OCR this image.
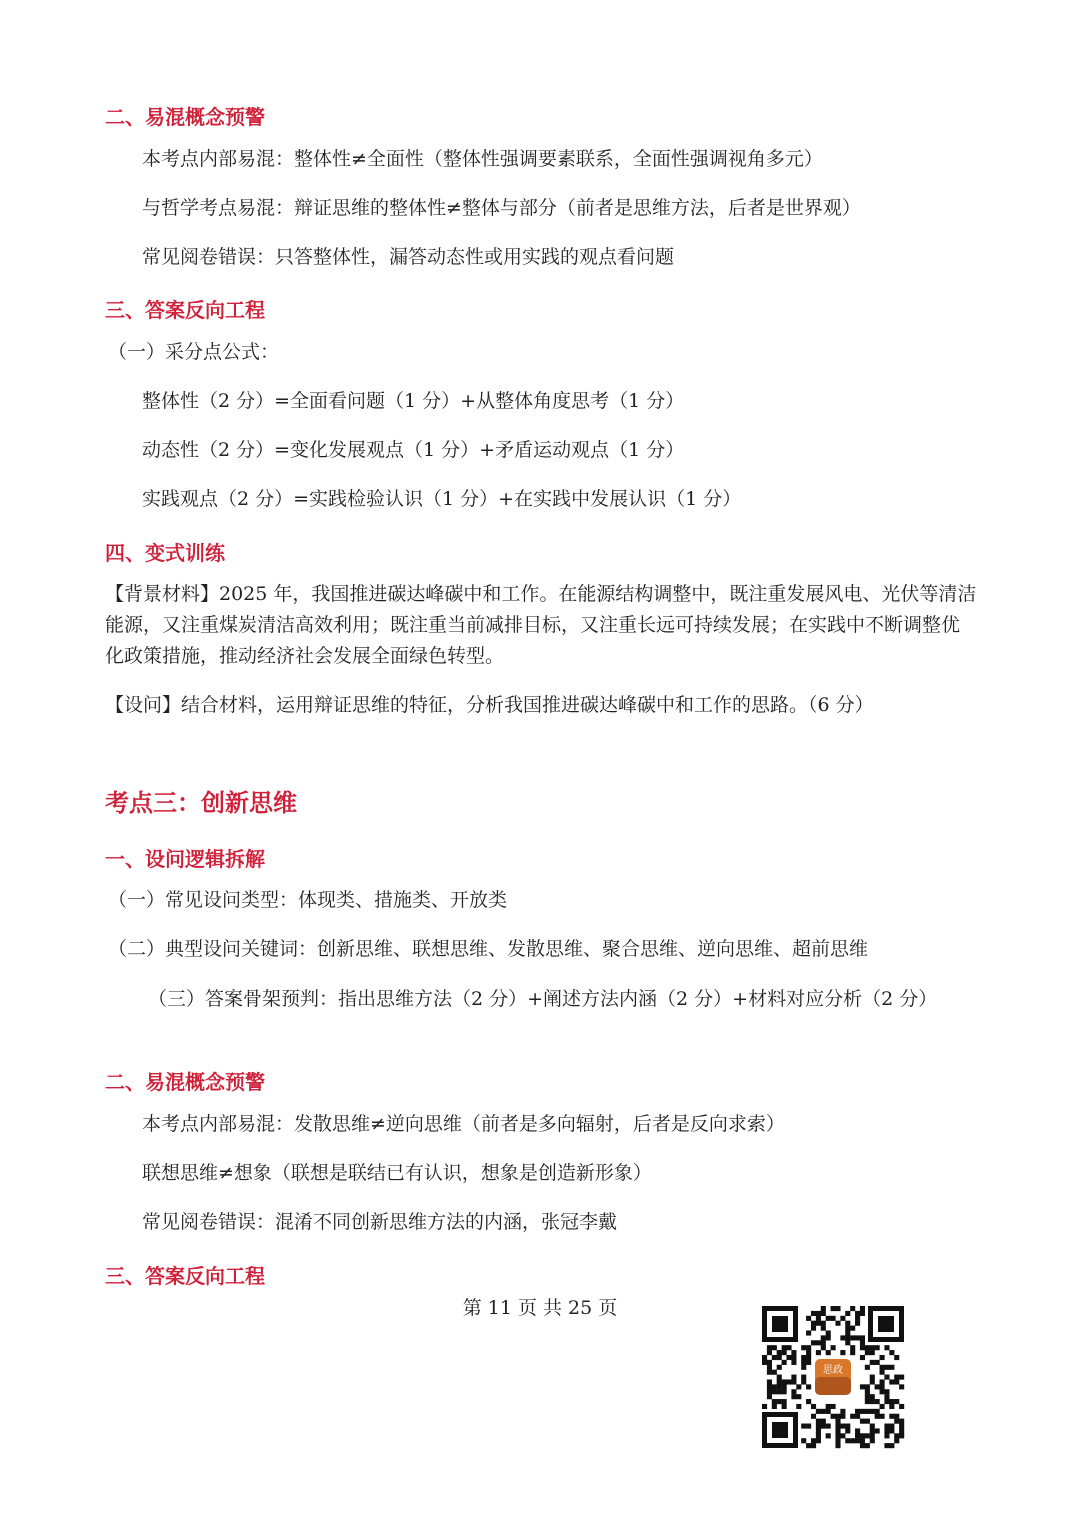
二、易混概念预警

本考点内部易混：整体性≠全面性（整体性强调要素联系，全面性强调视角多元）

与哲学考点易混：辩证思维的整体性≠整体与部分（前者是思维方法，后者是世界观）

常见阅卷错误：只答整体性，漏答动态性或用实践的观点看问题

三、答案反向工程

（一）采分点公式：

整体性（2 分）=全面看问题（1 分）+从整体角度思考（1 分）

动态性（2 分）=变化发展观点（1 分）+矛盾运动观点（1 分）

实践观点（2 分）=实践检验认识（1 分）+在实践中发展认识（1 分）

四、变式训练

【背景材料】2025 年，我国推进碳达峰碳中和工作。在能源结构调整中，既注重发展风电、光伏等清洁能源，又注重煤炭清洁高效利用；既注重当前减排目标，又注重长远可持续发展；在实践中不断调整优化政策措施，推动经济社会发展全面绿色转型。

【设问】结合材料，运用辩证思维的特征，分析我国推进碳达峰碳中和工作的思路。（6 分）

考点三：创新思维
一、设问逻辑拆解

（一）常见设问类型：体现类、措施类、开放类

（二）典型设问关键词：创新思维、联想思维、发散思维、聚合思维、逆向思维、超前思维

（三）答案骨架预判：指出思维方法（2 分）+阐述方法内涵（2 分）+材料对应分析（2 分）

二、易混概念预警

本考点内部易混：发散思维≠逆向思维（前者是多向辐射，后者是反向求索）

联想思维≠想象（联想是联结已有认识，想象是创造新形象）

常见阅卷错误：混淆不同创新思维方法的内涵，张冠李戴

三、答案反向工程
第 11 页 共 25 页
思政
